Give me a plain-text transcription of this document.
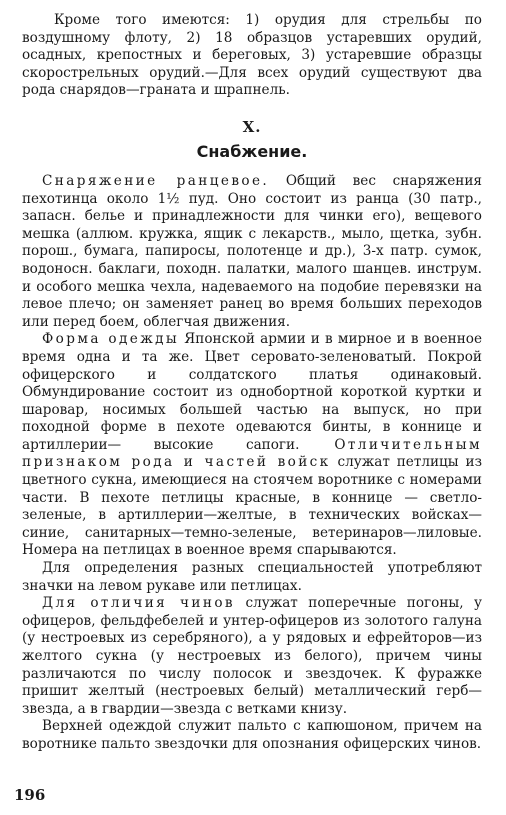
Кроме того имеются: 1) орудия для стрельбы по воздушному флоту, 2) 18 образцов устаревших орудий, осадных, крепостных и береговых, 3) устаревшие образцы скорострельных орудий.—Для всех орудий существуют два рода снарядов—граната и шрапнель.

X.
Снабжение.

Снаряжение ранцевое. Общий вес снаряжения пехотинца около 1½ пуд. Оно состоит из ранца (30 патр., запасн. белье и принадлежности для чинки его), вещевого мешка (аллюм. кружка, ящик с лекарств., мыло, щетка, зубн. порош., бумага, папиросы, полотенце и др.), 3-х патр. сумок, водоносн. баклаги, походн. палатки, малого шанцев. инструм. и особого мешка чехла, надеваемого на подобие перевязки на левое плечо; он заменяет ранец во время больших переходов или перед боем, облегчая движения.

Форма одежды Японской армии и в мирное и в военное время одна и та же. Цвет серовато-зеленоватый. Покрой офицерского и солдатского платья одинаковый. Обмундирование состоит из однобортной короткой куртки и шаровар, носимых большей частью на выпуск, но при походной форме в пехоте одеваются бинты, в коннице и артиллерии— высокие сапоги. Отличительным признаком рода и частей войск служат петлицы из цветного сукна, имеющиеся на стоячем воротнике с номерами части. В пехоте петлицы красные, в коннице — светло-зеленые, в артиллерии—желтые, в технических войсках—синие, санитарных—темно-зеленые, ветеринаров—лиловые. Номера на петлицах в военное время спарываются.

Для определения разных специальностей употребляют значки на левом рукаве или петлицах.

Для отличия чинов служат поперечные погоны, у офицеров, фельдфебелей и унтер-офицеров из золотого галуна (у нестроевых из серебряного), а у рядовых и ефрейторов—из желтого сукна (у нестроевых из белого), причем чины различаются по числу полосок и звездочек. К фуражке пришит желтый (нестроевых белый) металлический герб—звезда, а в гвардии—звезда с ветками книзу.

Верхней одеждой служит пальто с капюшоном, причем на воротнике пальто звездочки для опознания офицерских чинов.

196
